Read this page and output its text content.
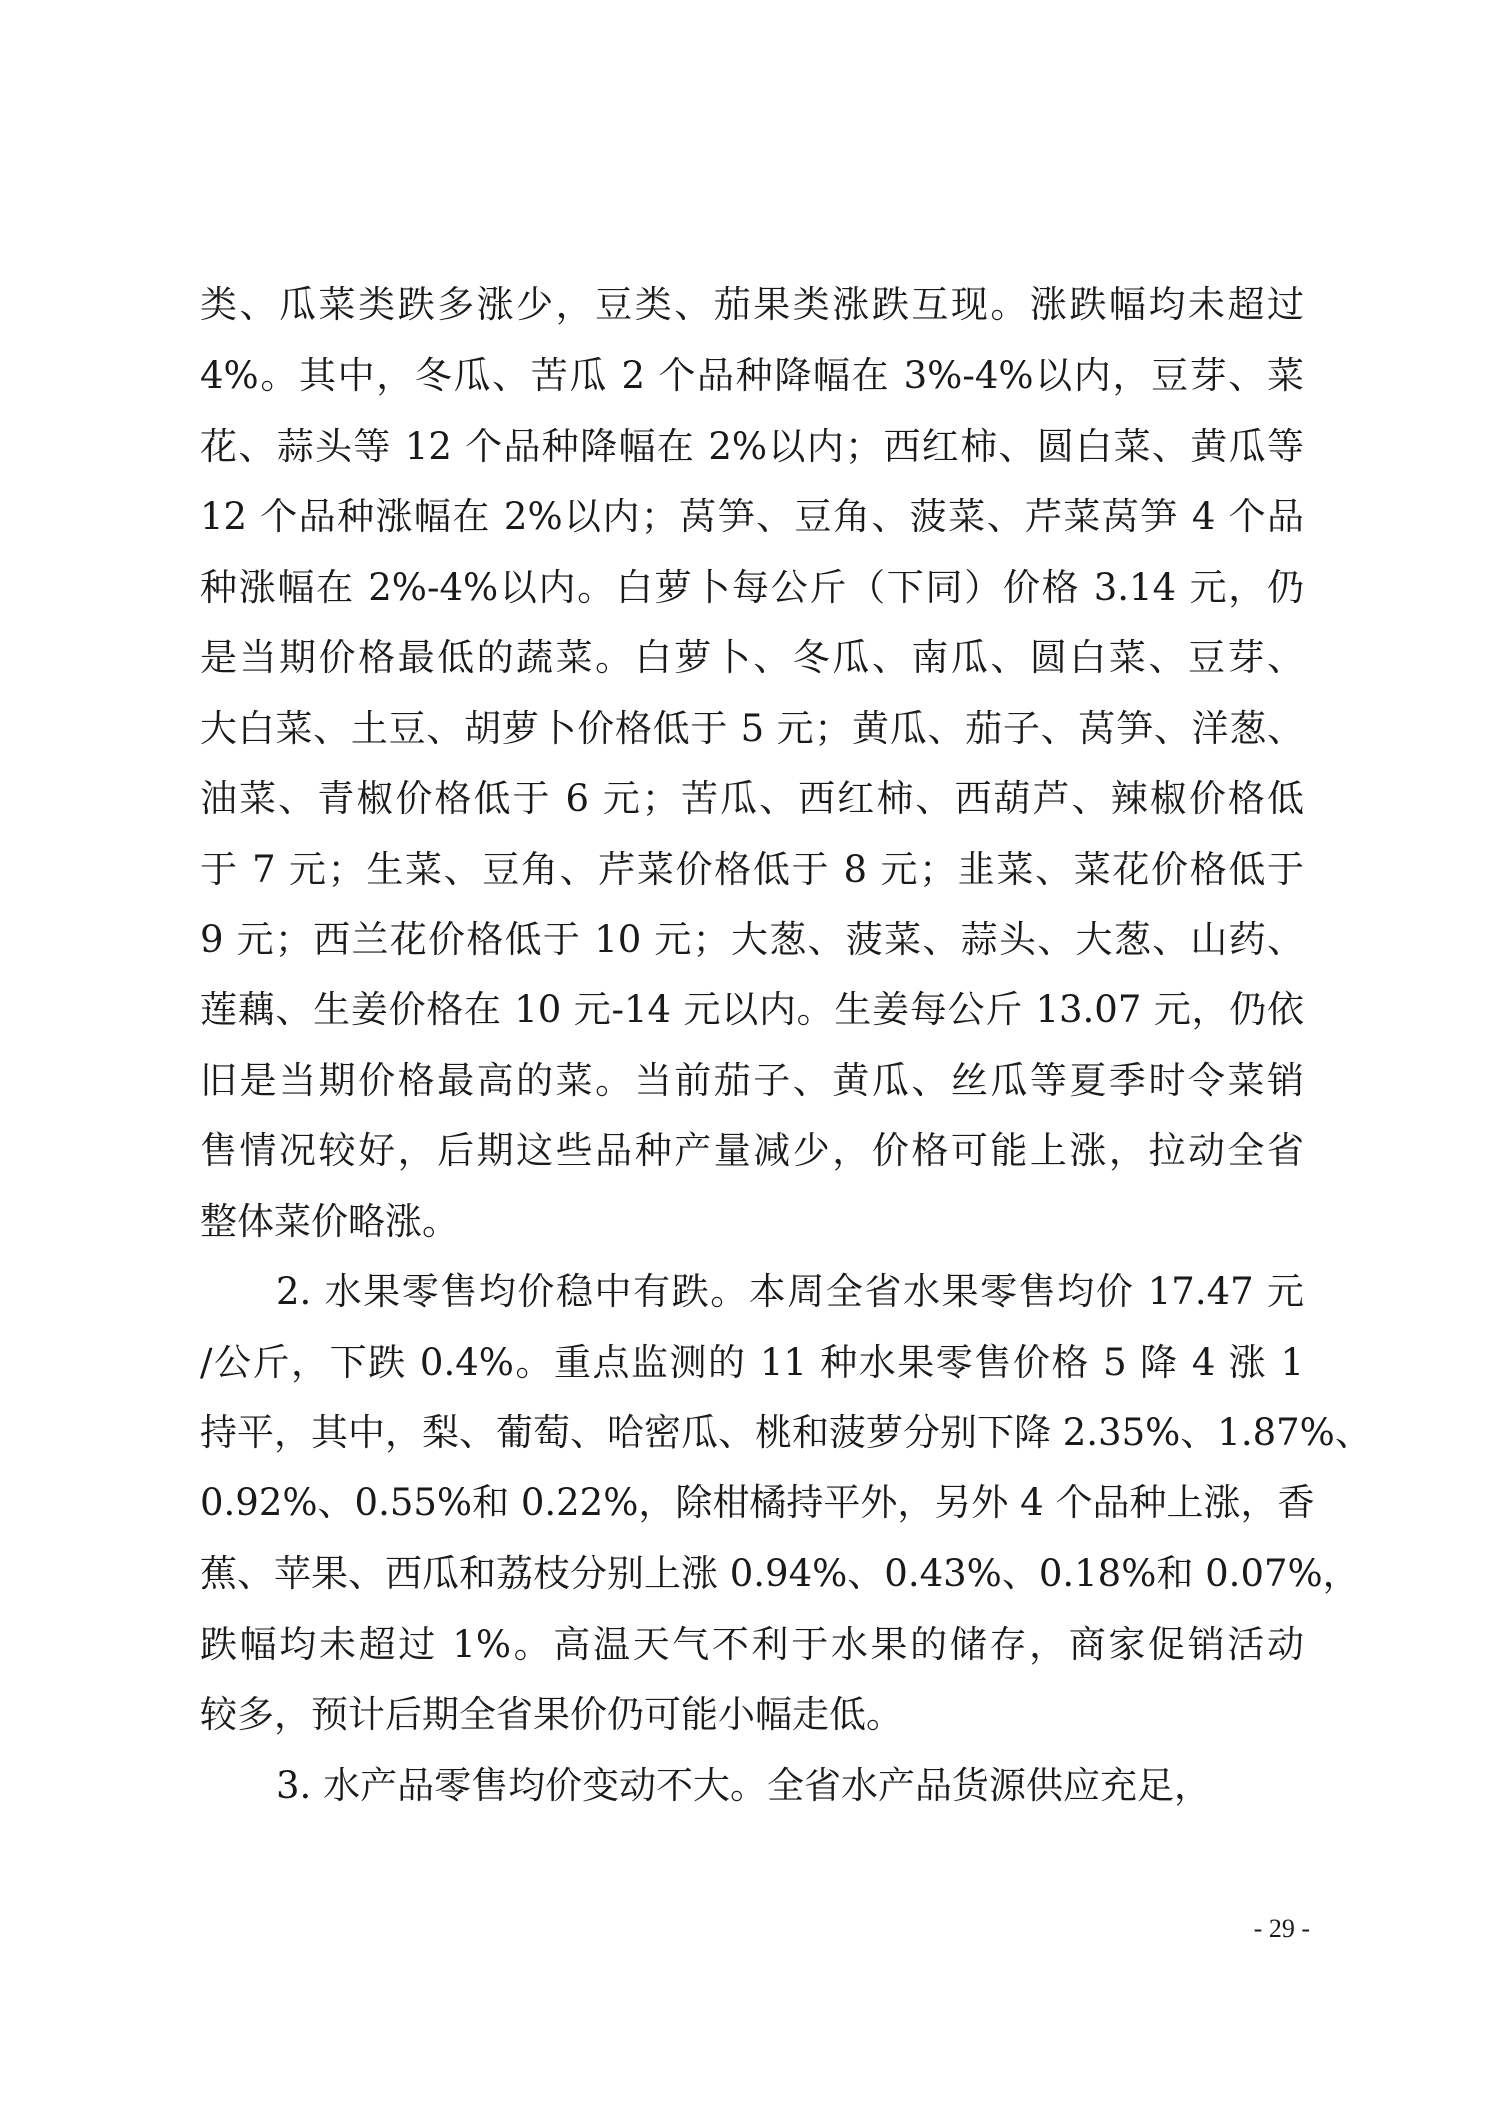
类、瓜菜类跌多涨少，豆类、茄果类涨跌互现。涨跌幅均未超过
4%。其中，冬瓜、苦瓜 2 个品种降幅在 3%-4%以内，豆芽、菜
花、蒜头等 12 个品种降幅在 2%以内；西红柿、圆白菜、黄瓜等
12 个品种涨幅在 2%以内；莴笋、豆角、菠菜、芹菜莴笋 4 个品
种涨幅在 2%-4%以内。白萝卜每公斤（下同）价格 3.14 元，仍
是当期价格最低的蔬菜。白萝卜、冬瓜、南瓜、圆白菜、豆芽、
大白菜、土豆、胡萝卜价格低于 5 元；黄瓜、茄子、莴笋、洋葱、
油菜、青椒价格低于 6 元；苦瓜、西红柿、西葫芦、辣椒价格低
于 7 元；生菜、豆角、芹菜价格低于 8 元；韭菜、菜花价格低于
9 元；西兰花价格低于 10 元；大葱、菠菜、蒜头、大葱、山药、
莲藕、生姜价格在 10 元-14 元以内。生姜每公斤 13.07 元，仍依
旧是当期价格最高的菜。当前茄子、黄瓜、丝瓜等夏季时令菜销
售情况较好，后期这些品种产量减少，价格可能上涨，拉动全省
整体菜价略涨。
2. 水果零售均价稳中有跌。本周全省水果零售均价 17.47 元
/公斤，下跌 0.4%。重点监测的 11 种水果零售价格 5 降 4 涨 1
持平，其中，梨、葡萄、哈密瓜、桃和菠萝分别下降 2.35%、1.87%、
0.92%、0.55%和 0.22%，除柑橘持平外，另外 4 个品种上涨，香
蕉、苹果、西瓜和荔枝分别上涨 0.94%、0.43%、0.18%和 0.07%，
跌幅均未超过 1%。高温天气不利于水果的储存，商家促销活动
较多，预计后期全省果价仍可能小幅走低。
3. 水产品零售均价变动不大。全省水产品货源供应充足，
- 29 -
